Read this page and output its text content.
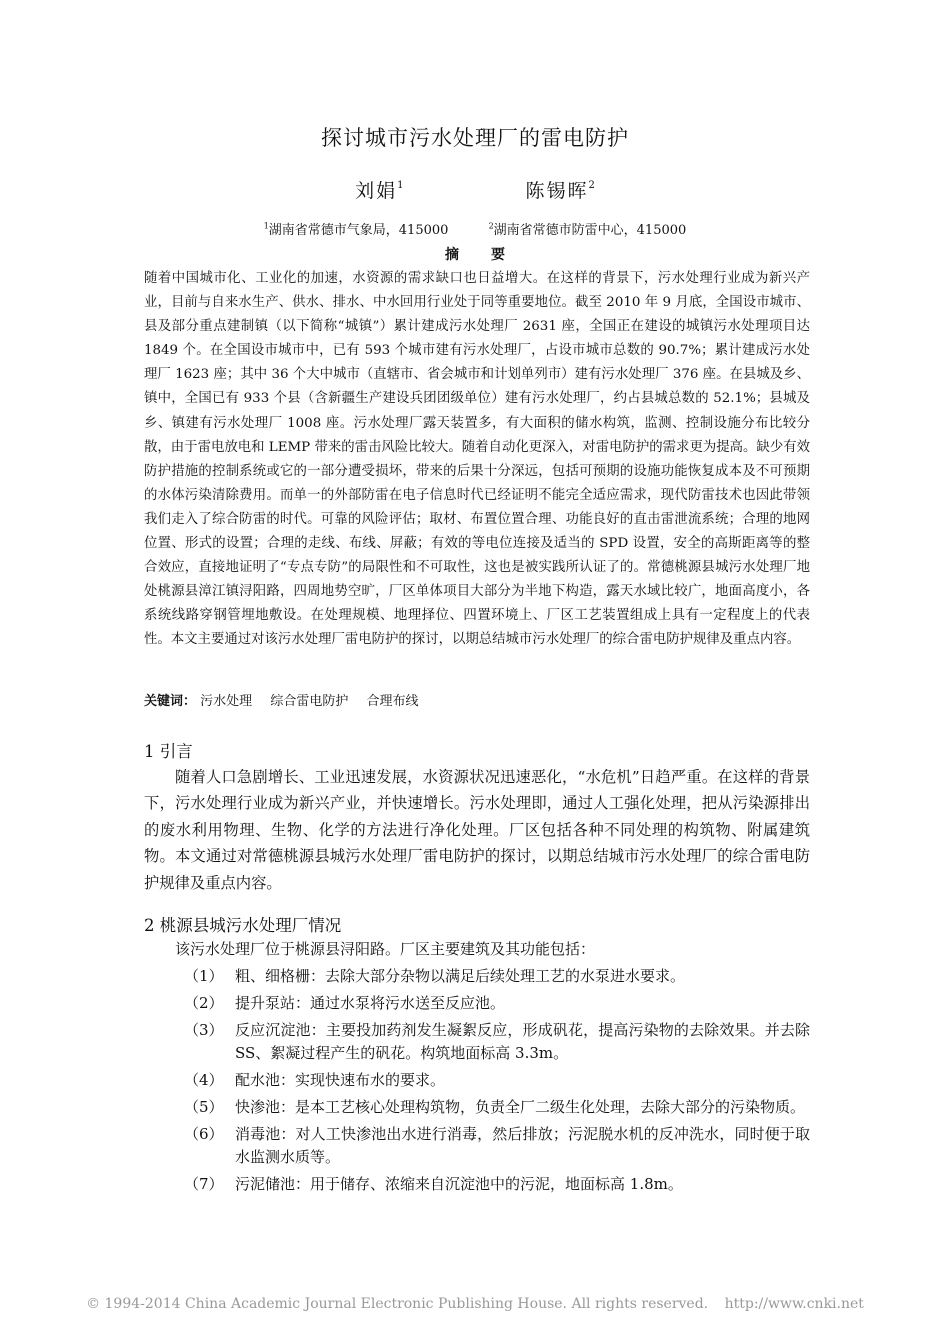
探讨城市污水处理厂的雷电防护
刘娟$^1$	陈锡晖$^2$
$^1$湖南省常德市气象局，415000	$^2$湖南省常德市防雷中心，415000
摘 要
随着中国城市化、工业化的加速，水资源的需求缺口也日益增大。在这样的背景下，污水处理行业成为新兴产业，目前与自来水生产、供水、排水、中水回用行业处于同等重要地位。截至 2010 年 9 月底，全国设市城市、县及部分重点建制镇（以下简称“城镇”）累计建成污水处理厂 2631 座，全国正在建设的城镇污水处理项目达 1849 个。在全国设市城市中，已有 593 个城市建有污水处理厂，占设市城市总数的 90.7%；累计建成污水处理厂 1623 座；其中 36 个大中城市（直辖市、省会城市和计划单列市）建有污水处理厂 376 座。在县城及乡、镇中，全国已有 933 个县（含新疆生产建设兵团团级单位）建有污水处理厂，约占县城总数的 52.1%；县城及乡、镇建有污水处理厂 1008 座。污水处理厂露天装置多，有大面积的储水构筑，监测、控制设施分布比较分散，由于雷电放电和 LEMP 带来的雷击风险比较大。随着自动化更深入，对雷电防护的需求更为提高。缺少有效防护措施的控制系统或它的一部分遭受损坏，带来的后果十分深远，包括可预期的设施功能恢复成本及不可预期的水体污染清除费用。而单一的外部防雷在电子信息时代已经证明不能完全适应需求，现代防雷技术也因此带领我们走入了综合防雷的时代。可靠的风险评估；取材、布置位置合理、功能良好的直击雷泄流系统；合理的地网位置、形式的设置；合理的走线、布线、屏蔽；有效的等电位连接及适当的 SPD 设置，安全的高斯距离等的整合效应，直接地证明了“专点专防”的局限性和不可取性，这也是被实践所认证了的。常德桃源县城污水处理厂地处桃源县漳江镇浔阳路，四周地势空旷，厂区单体项目大部分为半地下构造，露天水域比较广，地面高度小，各系统线路穿钢管埋地敷设。在处理规模、地理择位、四置环境上、厂区工艺装置组成上具有一定程度上的代表性。本文主要通过对该污水处理厂雷电防护的探讨，以期总结城市污水处理厂的综合雷电防护规律及重点内容。
关键词： 污水处理 综合雷电防护 合理布线
1 引言
随着人口急剧增长、工业迅速发展，水资源状况迅速恶化，“水危机”日趋严重。在这样的背景下，污水处理行业成为新兴产业，并快速增长。污水处理即，通过人工强化处理，把从污染源排出的废水利用物理、生物、化学的方法进行净化处理。厂区包括各种不同处理的构筑物、附属建筑物。本文通过对常德桃源县城污水处理厂雷电防护的探讨，以期总结城市污水处理厂的综合雷电防护规律及重点内容。
2 桃源县城污水处理厂情况
该污水处理厂位于桃源县浔阳路。厂区主要建筑及其功能包括：
（1） 粗、细格栅：去除大部分杂物以满足后续处理工艺的水泵进水要求。
（2） 提升泵站：通过水泵将污水送至反应池。
（3） 反应沉淀池：主要投加药剂发生凝絮反应，形成矾花，提高污染物的去除效果。并去除 SS、絮凝过程产生的矾花。构筑地面标高 3.3m。
（4） 配水池：实现快速布水的要求。
（5） 快渗池：是本工艺核心处理构筑物，负责全厂二级生化处理，去除大部分的污染物质。
（6） 消毒池：对人工快渗池出水进行消毒，然后排放；污泥脱水机的反冲洗水，同时便于取水监测水质等。
（7） 污泥储池：用于储存、浓缩来自沉淀池中的污泥，地面标高 1.8m。
© 1994-2014 China Academic Journal Electronic Publishing House. All rights reserved. http://www.cnki.net
